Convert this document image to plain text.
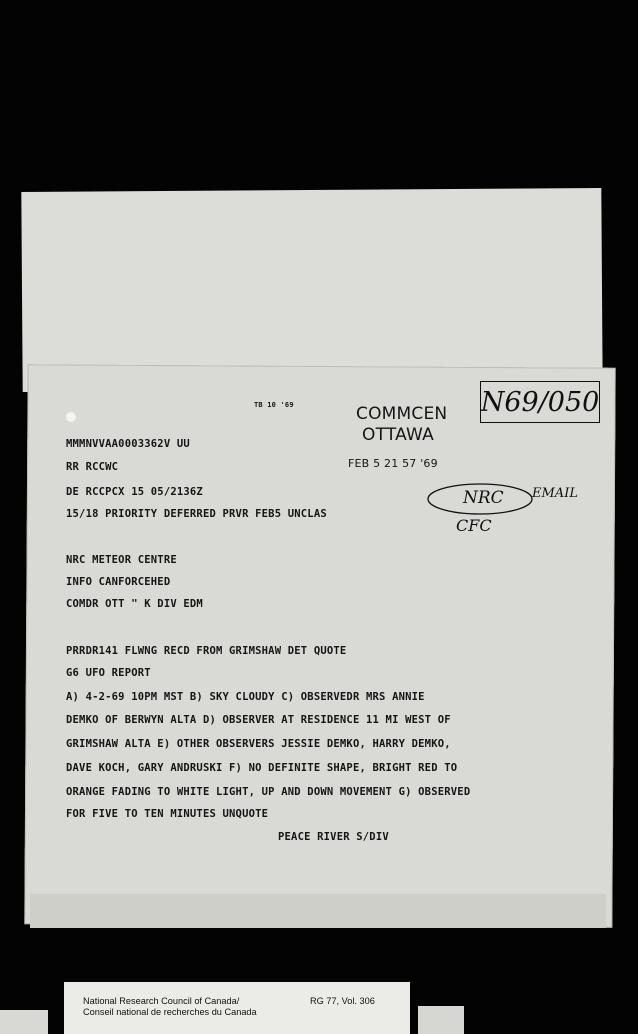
N69/050
TB 10 '69	COMMCEN
OTTAWA
FEB 5 21 57 '69
MMMNVVAA0003362V UU
RR RCCWC
DE RCCPCX 15 05/2136Z
15/18 PRIORITY DEFERRED PRVR FEB5 UNCLAS
NRC EMAIL
CFC
NRC METEOR CENTRE
INFO CANFORCEHED
COMDR OTT " K DIV EDM
PRRDR141 FLWNG RECD FROM GRIMSHAW DET QUOTE
G6 UFO REPORT
A) 4-2-69 10PM MST B) SKY CLOUDY C) OBSERVEDR MRS ANNIE
DEMKO OF BERWYN ALTA D) OBSERVER AT RESIDENCE 11 MI WEST OF
GRIMSHAW ALTA E) OTHER OBSERVERS JESSIE DEMKO, HARRY DEMKO,
DAVE KOCH, GARY ANDRUSKI F) NO DEFINITE SHAPE, BRIGHT RED TO
ORANGE FADING TO WHITE LIGHT, UP AND DOWN MOVEMENT G) OBSERVED
FOR FIVE TO TEN MINUTES UNQUOTE
PEACE RIVER S/DIV
National Research Council of Canada/
Conseil national de recherches du Canada
RG 77, Vol. 306
